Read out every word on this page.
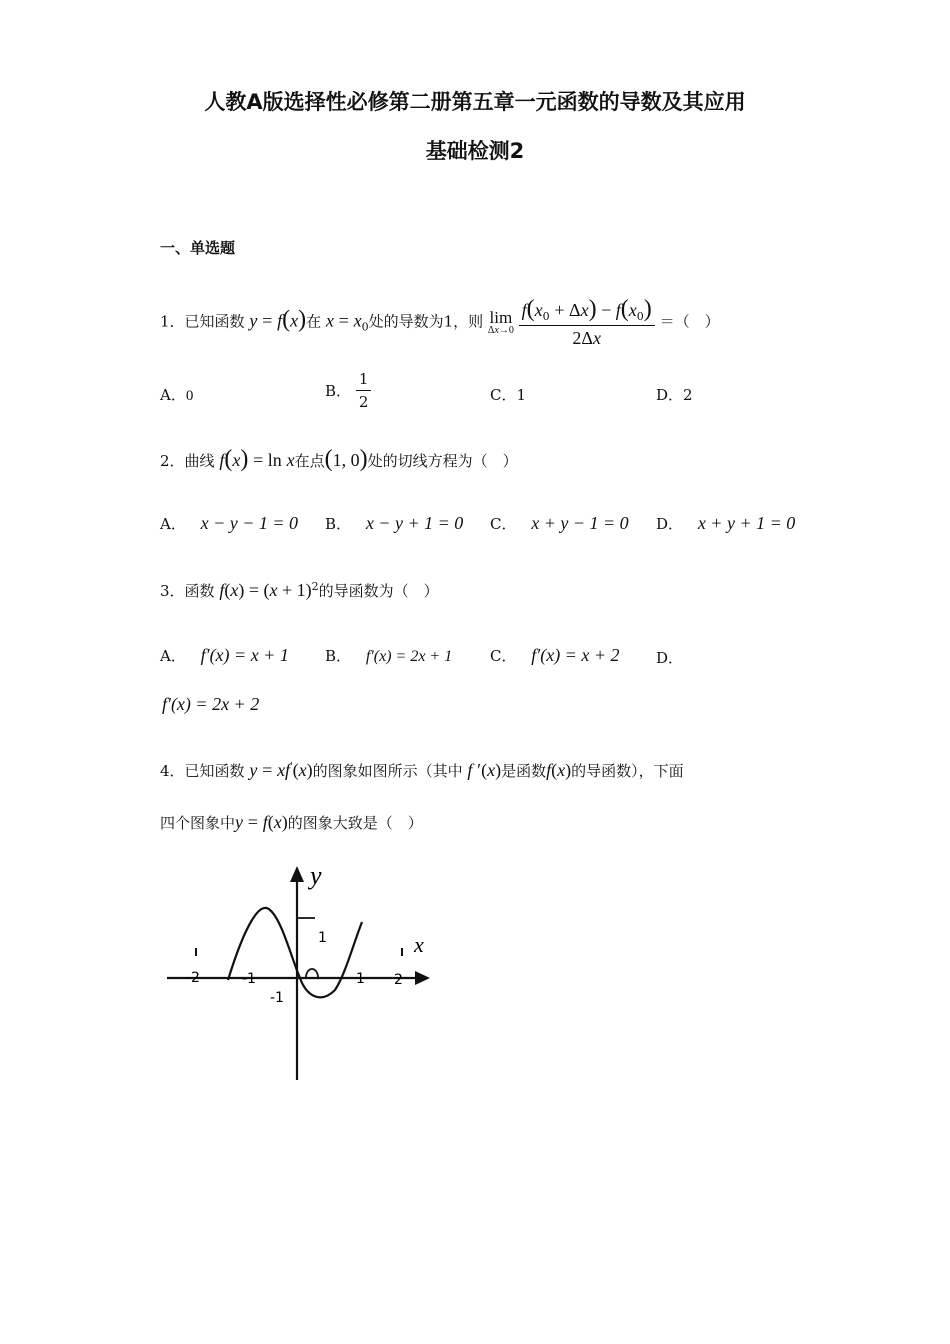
人教A版选择性必修第二册第五章一元函数的导数及其应用
基础检测2
一、单选题
1．已知函数 y = f(x)在 $x = x_0$处的导数为1，则 lim
Δx→0
$\frac{f(x_0 + \Delta x) - f(x_0)}{2\Delta x}$ ＝（　）
A．0	B． $\frac{1}{2}$	C．1	D．2
2．曲线 f(x) = ln x在点(1, 0)处的切线方程为（　）
A． x − y − 1 = 0 B． x − y + 1 = 0 C． x + y − 1 = 0 D． x + y + 1 = 0
3．函数 $f(x) = (x + 1)^2$的导函数为（　）
A． f′(x) = x + 1 B． f′(x) = 2x + 1	C． f′(x) = x + 2 D．
f′(x) = 2x + 2
4．已知函数 y = xf′(x)的图象如图所示（其中 f ′(x)是函数f(x)的导函数），下面
四个图象中y = f(x)的图象大致是（　）
y
x
-2	-1	1 2
1
-1
